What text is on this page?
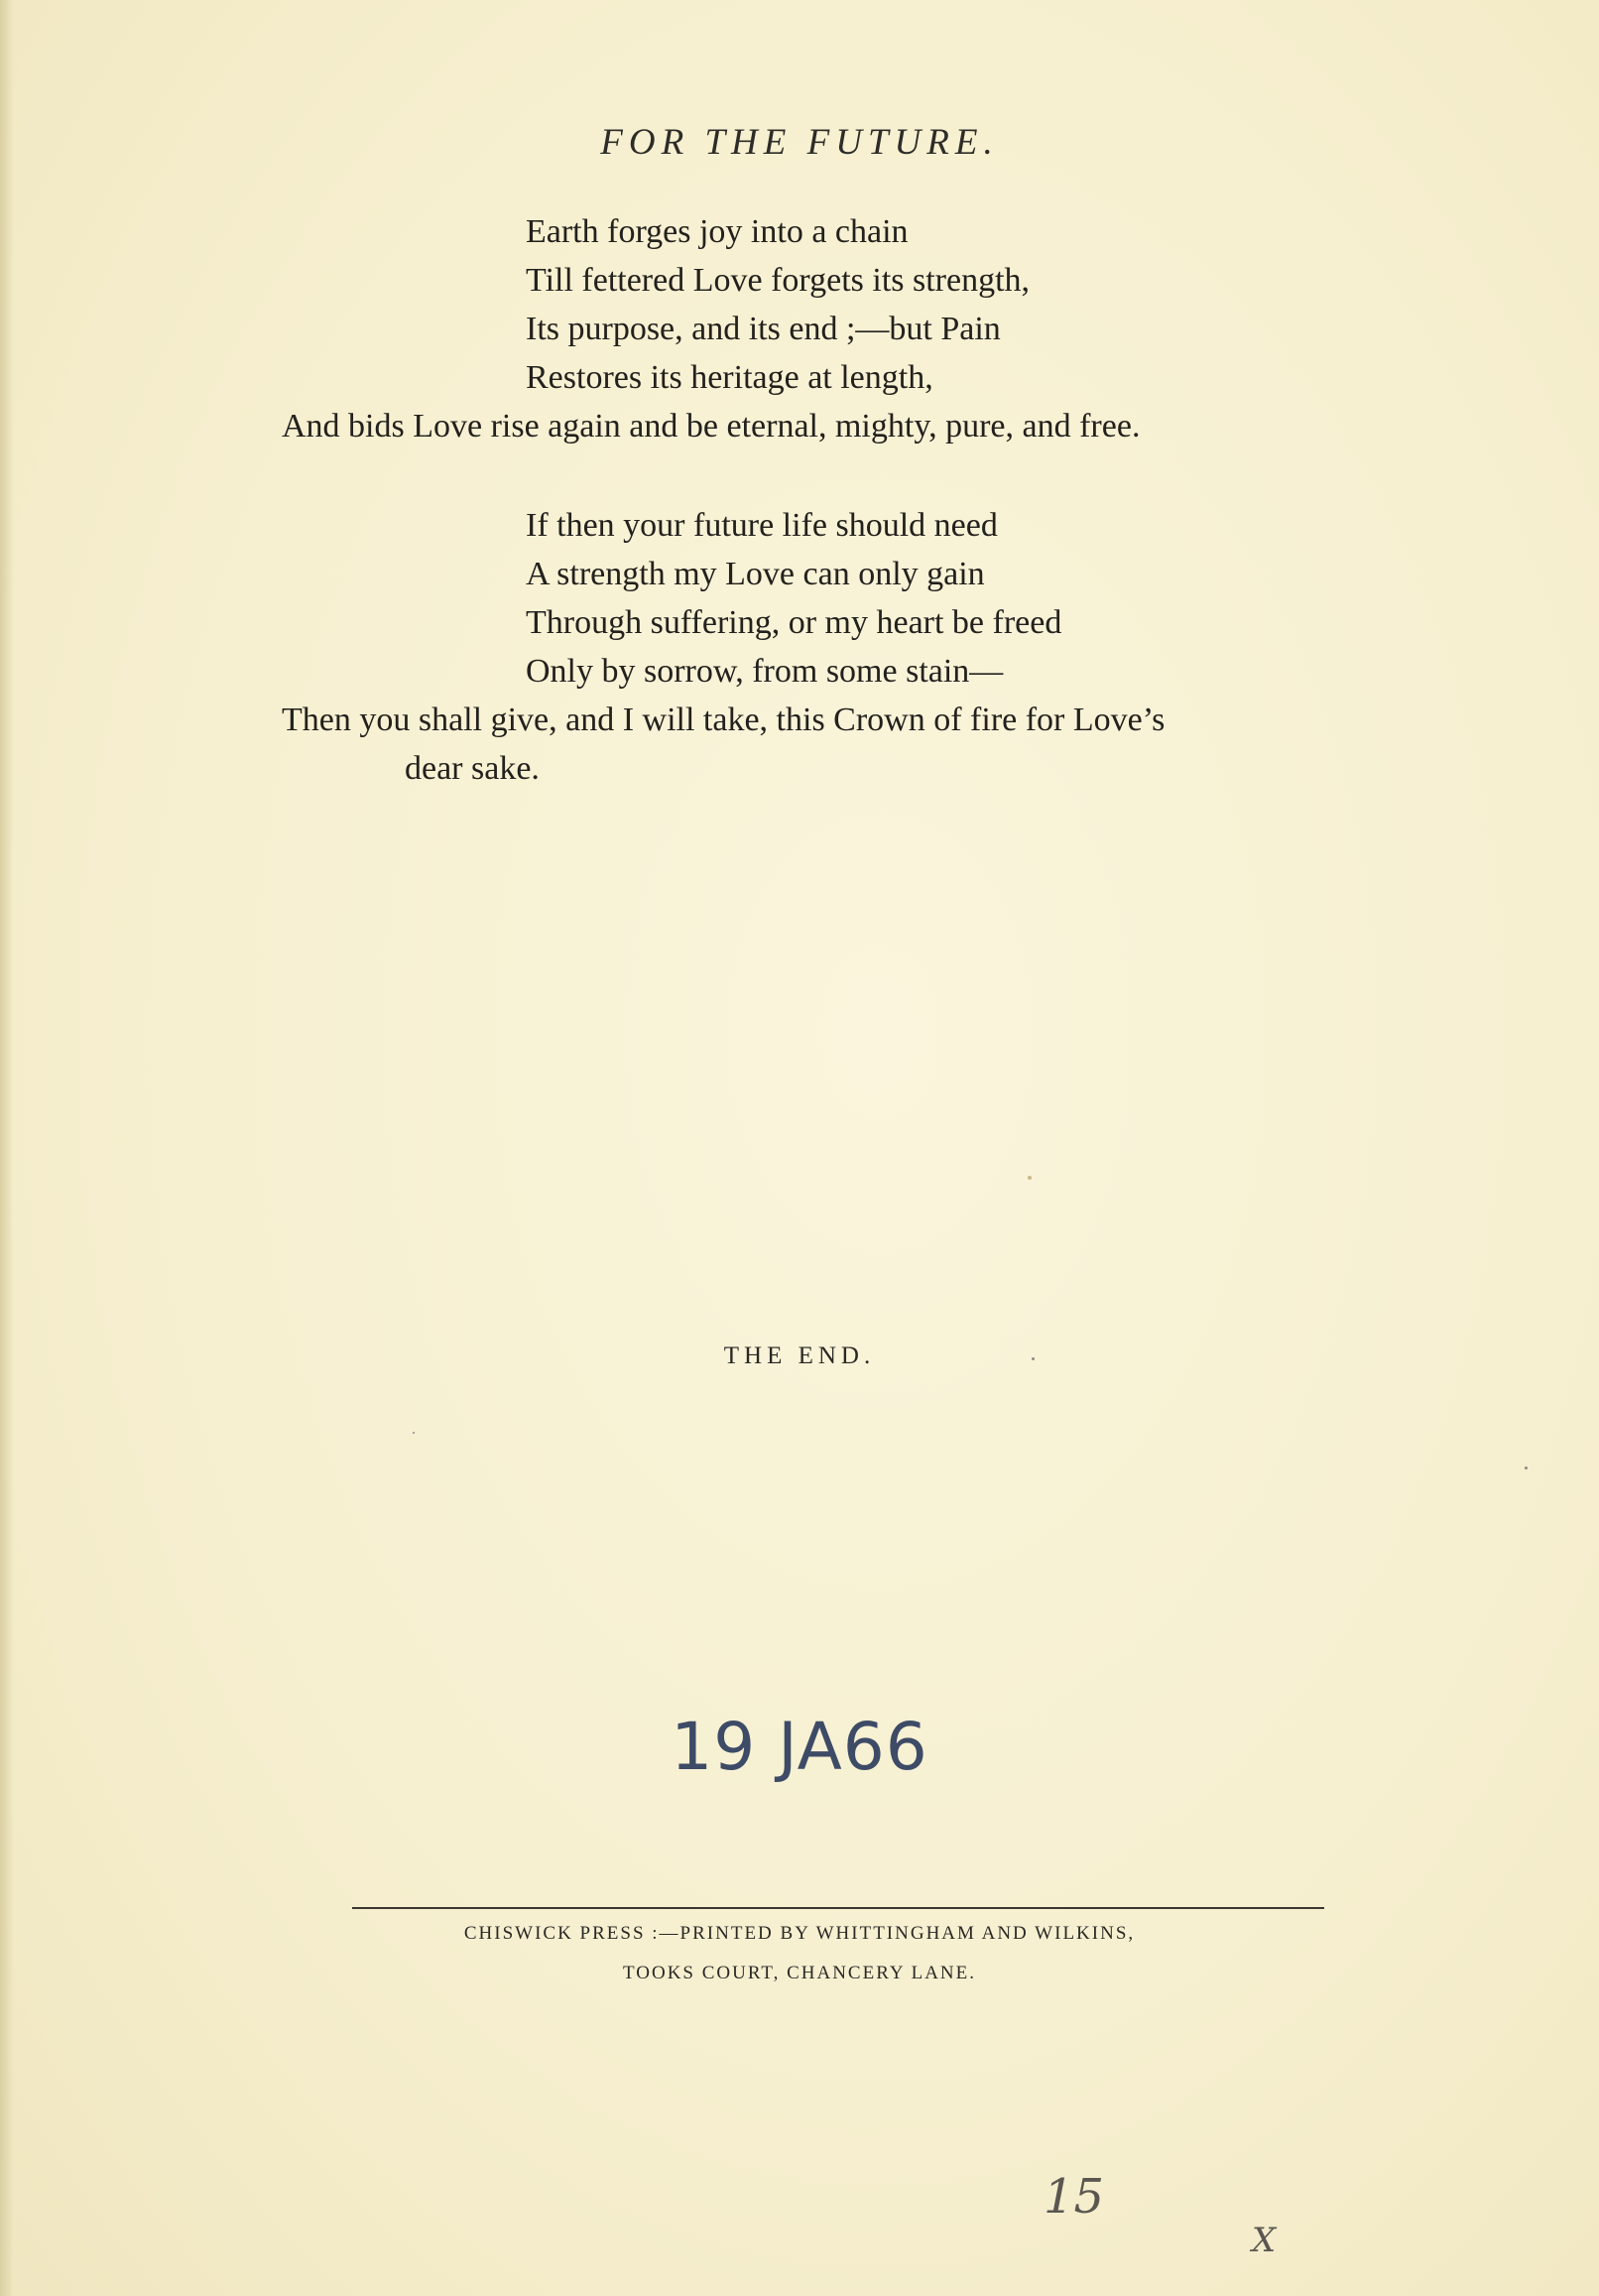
FOR THE FUTURE.
Earth forges joy into a chain
Till fettered Love forgets its strength,
Its purpose, and its end ;—but Pain
Restores its heritage at length,
And bids Love rise again and be eternal, mighty, pure, and free.
If then your future life should need
A strength my Love can only gain
Through suffering, or my heart be freed
Only by sorrow, from some stain—
Then you shall give, and I will take, this Crown of fire for Love’s
dear sake.
THE END.
19 JA66
CHISWICK PRESS :—PRINTED BY WHITTINGHAM AND WILKINS,
TOOKS COURT, CHANCERY LANE.
15
X
